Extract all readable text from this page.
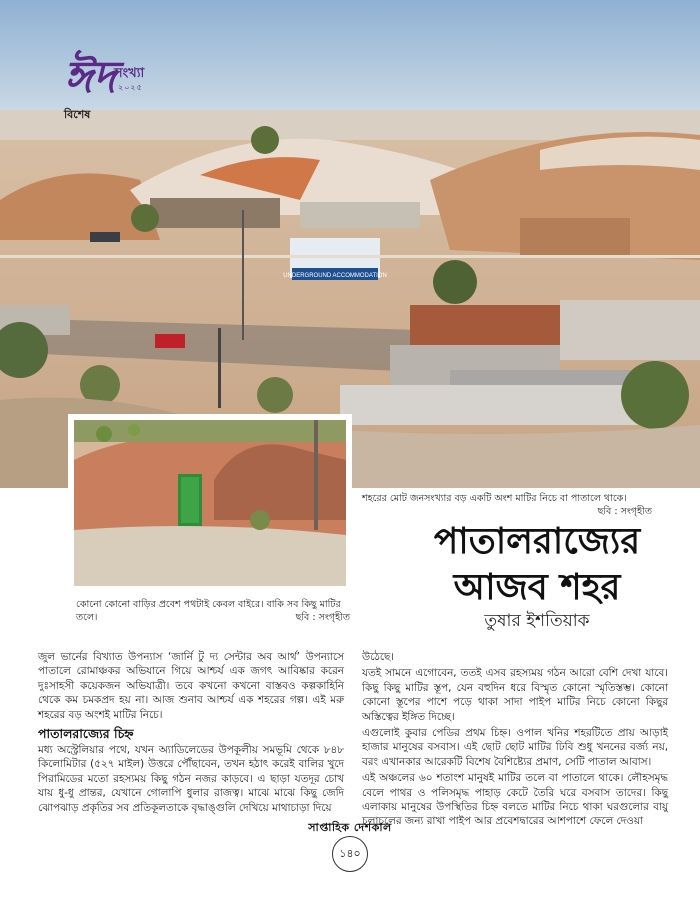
UNDERGROUND ACCOMMODATION
ঈদ
সংখ্যা
২০২৫
বিশেষ
কোনো কোনো বাড়ির প্রবেশ পথটাই কেবল বাইরে। বাকি সব কিছু মাটির তলে।	ছবি : সংগৃহীত
শহরের মোট জনসংখ্যার বড় একটি অংশ মাটির নিচে বা পাতালে থাকে।
ছবি : সংগৃহীত
পাতালরাজ্যের
আজব শহর
তুষার ইশতিয়াক

জুল ভার্নের বিখ্যাত উপন্যাস ‘জার্নি টু দ্য সেন্টার অব আর্থ’ উপন্যাসে পাতালে রোমাঞ্চকর অভিযানে গিয়ে আশ্চর্য এক জগৎ আবিষ্কার করেন দুঃসাহসী কয়েকজন অভিযাত্রী। তবে কখনো কখনো বাস্তবও কল্পকাহিনি থেকে কম চমকপ্রদ হয় না। আজ শুনাব আশ্চর্য এক শহরের গল্প। এই মরু শহরের বড় অংশই মাটির নিচে।

পাতালরাজ্যের চিহ্ন

মধ্য অস্ট্রেলিয়ার পথে, যখন অ্যাডিলেডের উপকূলীয় সমভূমি থেকে ৮৪৮ কিলোমিটার (৫২৭ মাইল) উত্তরে পৌঁছাবেন, তখন হঠাৎ করেই বালির খুদে পিরামিডের মতো রহস্যময় কিছু গঠন নজর কাড়বে। এ ছাড়া যতদূর চোখ যায় ধু-ধু প্রান্তর, যেখানে গোলাপি ধুলার রাজত্ব। মাঝে মাঝে কিছু জেদি ঝোপঝাড় প্রকৃতির সব প্রতিকূলতাকে বৃদ্ধাঙ্গুলি দেখিয়ে মাথাচাড়া দিয়ে

উঠেছে।

যতই সামনে এগোবেন, ততই এসব রহস্যময় গঠন আরো বেশি দেখা যাবে। কিছু কিছু মাটির স্তূপ, যেন বহুদিন ধরে বিস্মৃত কোনো স্মৃতিস্তম্ভ। কোনো কোনো স্তূপের পাশে পড়ে থাকা সাদা পাইপ মাটির নিচে কোনো কিছুর অস্তিত্বের ইঙ্গিত দিচ্ছে।

এগুলোই কুবার পেডির প্রথম চিহ্ন। ওপাল খনির শহরটিতে প্রায় আড়াই হাজার মানুষের বসবাস। এই ছোট ছোট মাটির ঢিবি শুধু খননের বর্জ্য নয়, বরং এখানকার আরেকটি বিশেষ বৈশিষ্ট্যের প্রমাণ, সেটি পাতাল আবাস।

এই অঞ্চলের ৬০ শতাংশ মানুষই মাটির তলে বা পাতালে থাকে। লৌহসমৃদ্ধ বেলে পাথর ও পলিসমৃদ্ধ পাহাড় কেটে তৈরি ঘরে বসবাস তাদের। কিছু এলাকায় মানুষের উপস্থিতির চিহ্ন বলতে মাটির নিচে থাকা ঘরগুলোর বায়ু চলাচলের জন্য রাখা পাইপ আর প্রবেশদ্বারের আশপাশে ফেলে দেওয়া

সাপ্তাহিক দেশকাল
১৪০
